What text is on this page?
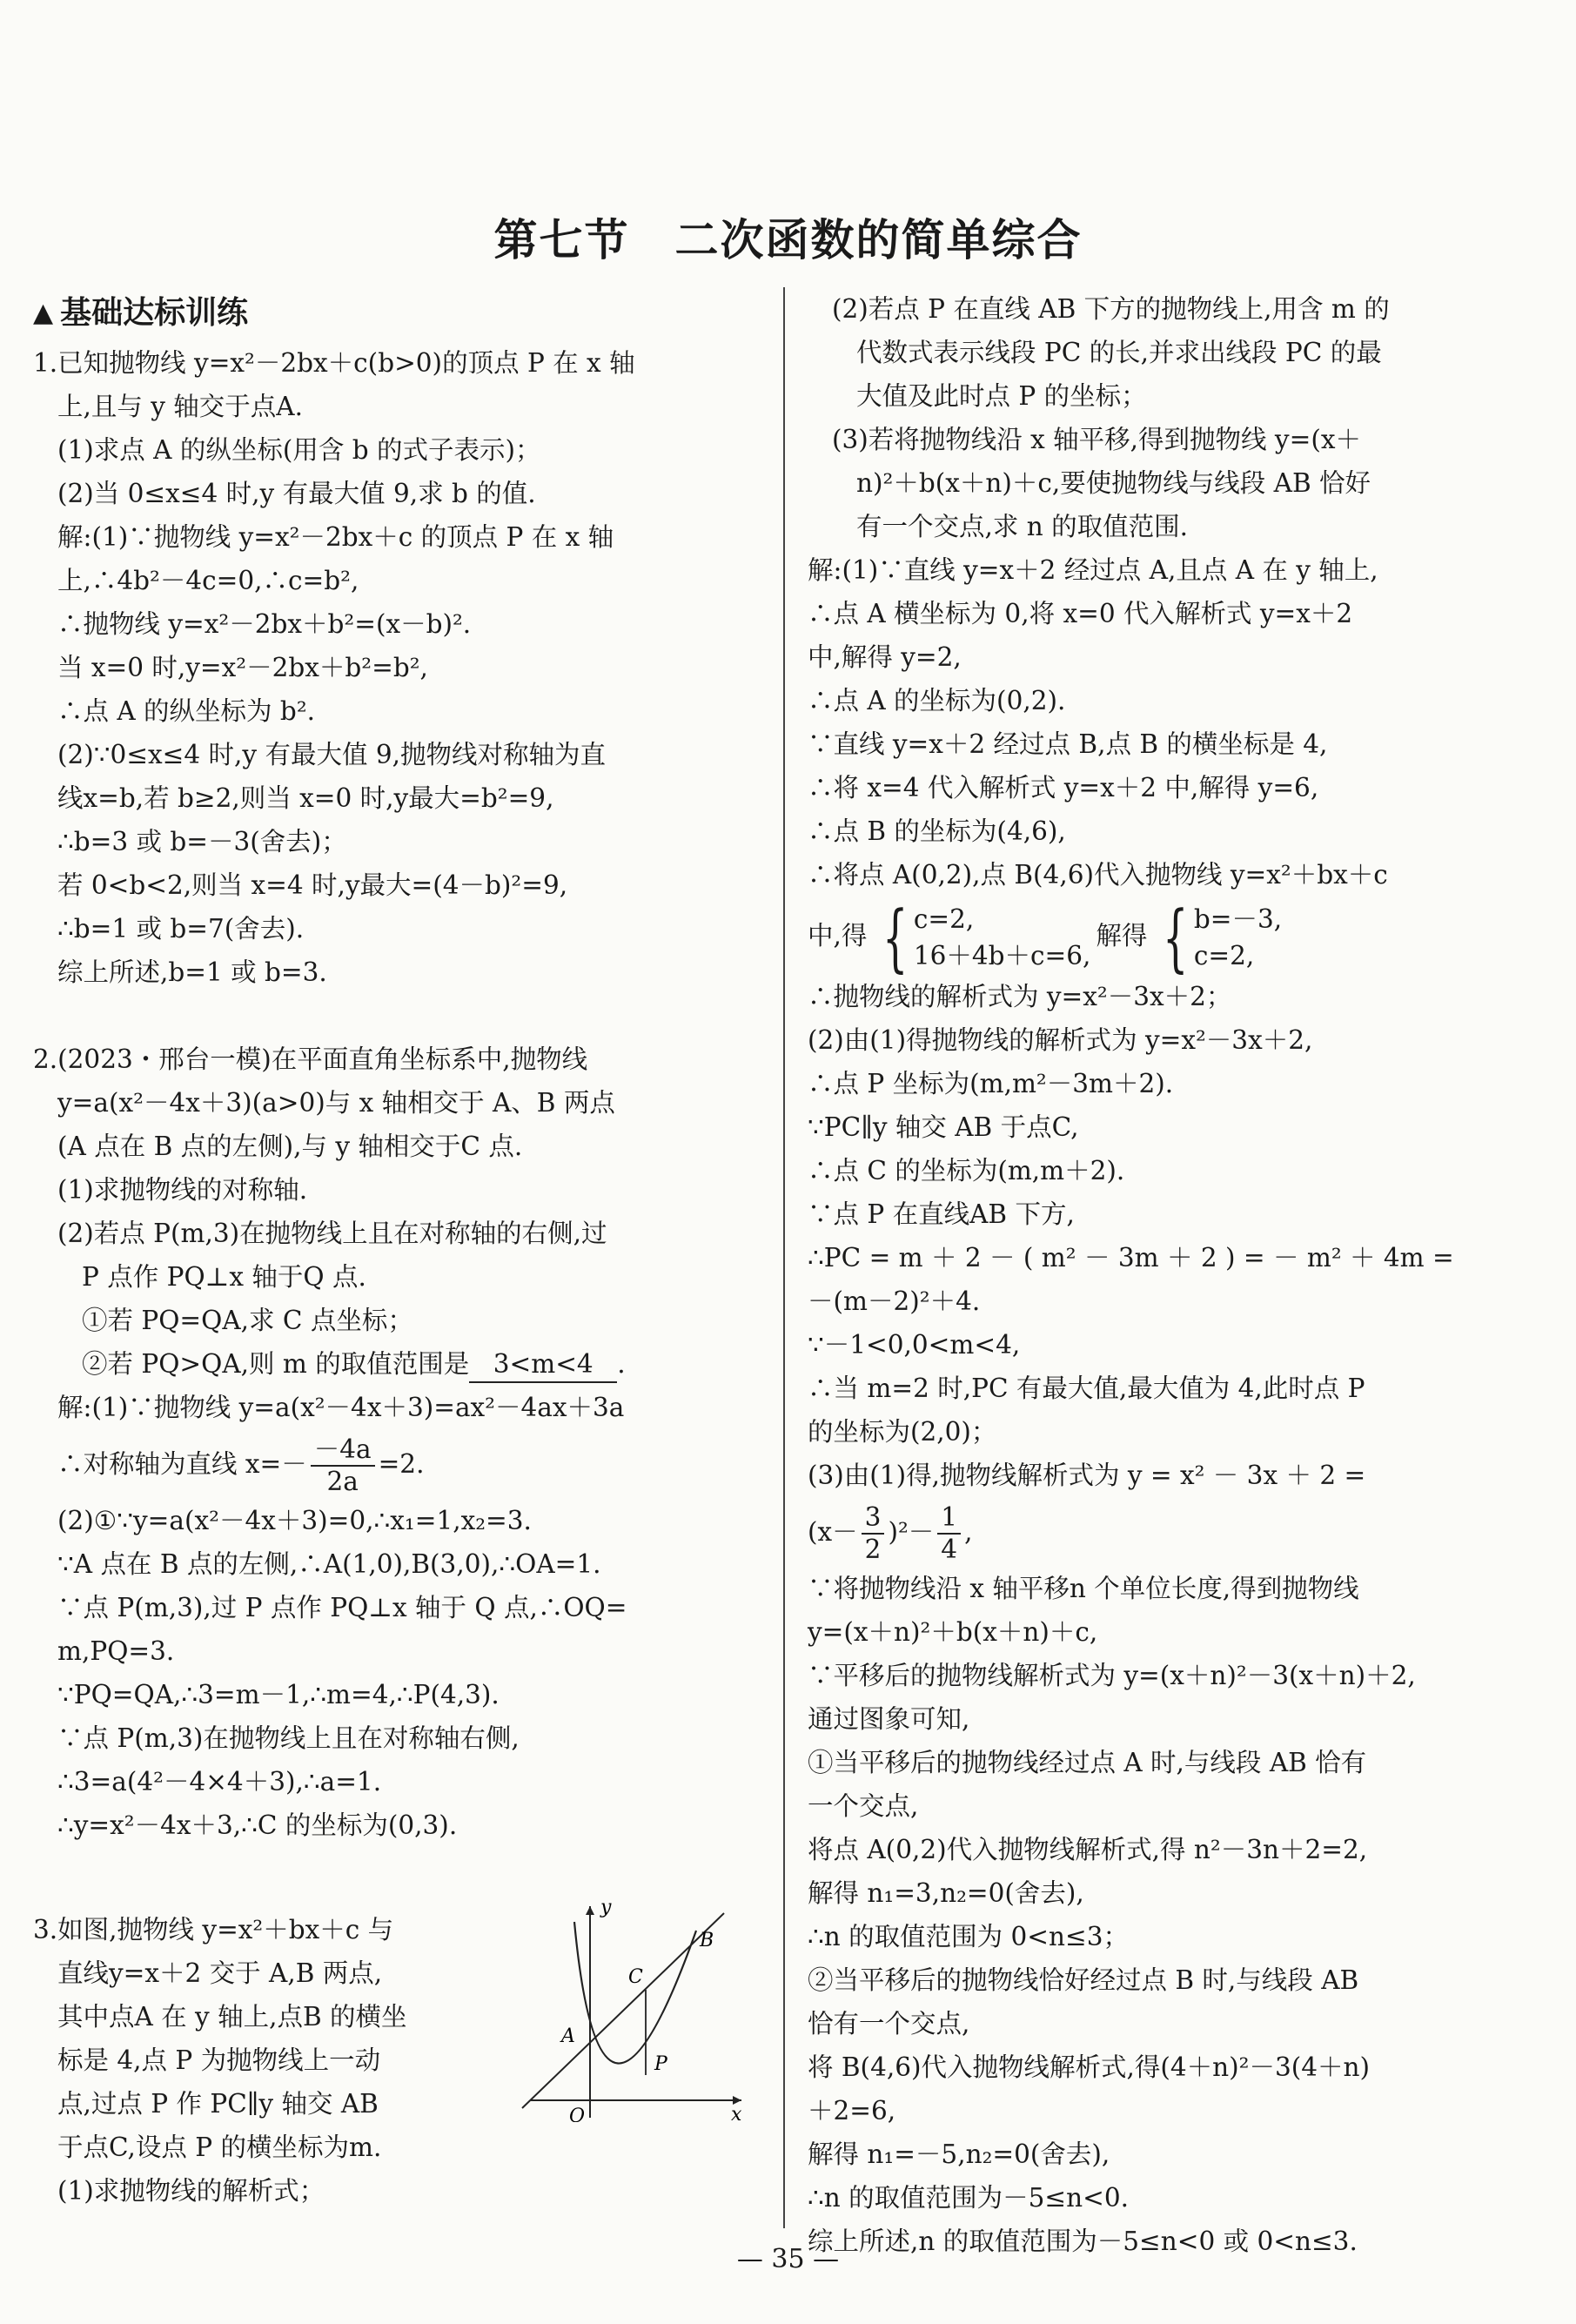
第七节　二次函数的简单综合
▲ 基础达标训练
1.已知抛物线 y=x²－2bx＋c(b>0)的顶点 P 在 x 轴
上,且与 y 轴交于点A.
(1)求点 A 的纵坐标(用含 b 的式子表示)；
(2)当 0≤x≤4 时,y 有最大值 9,求 b 的值.
解:(1)∵抛物线 y=x²－2bx＋c 的顶点 P 在 x 轴
上,∴4b²－4c=0,∴c=b²,
∴抛物线 y=x²－2bx＋b²=(x－b)².
当 x=0 时,y=x²－2bx＋b²=b²,
∴点 A 的纵坐标为 b².
(2)∵0≤x≤4 时,y 有最大值 9,抛物线对称轴为直
线x=b,若 b≥2,则当 x=0 时,y最大=b²=9,
∴b=3 或 b=－3(舍去)；
若 0<b<2,则当 x=4 时,y最大=(4－b)²=9,
∴b=1 或 b=7(舍去).
综上所述,b=1 或 b=3.
2.(2023・邢台一模)在平面直角坐标系中,抛物线
y=a(x²－4x＋3)(a>0)与 x 轴相交于 A、B 两点
(A 点在 B 点的左侧),与 y 轴相交于C 点.
(1)求抛物线的对称轴.
(2)若点 P(m,3)在抛物线上且在对称轴的右侧,过
P 点作 PQ⊥x 轴于Q 点.
①若 PQ=QA,求 C 点坐标；
②若 PQ>QA,则 m 的取值范围是 3<m<4 .
解:(1)∵抛物线 y=a(x²－4x＋3)=ax²－4ax＋3a
∴对称轴为直线 $x=- \frac{-4a}{2a} =2$.
(2)①∵y=a(x²－4x＋3)=0,∴x₁=1,x₂=3.
∵A 点在 B 点的左侧,∴A(1,0),B(3,0),∴OA=1.
∵点 P(m,3),过 P 点作 PQ⊥x 轴于 Q 点,∴OQ=
m,PQ=3.
∵PQ=QA,∴3=m－1,∴m=4,∴P(4,3).
∵点 P(m,3)在抛物线上且在对称轴右侧,
∴3=a(4²－4×4＋3),∴a=1.
∴y=x²－4x＋3,∴C 的坐标为(0,3).
3.如图,抛物线 y=x²＋bx＋c 与
直线y=x＋2 交于 A,B 两点,
其中点A 在 y 轴上,点B 的横坐
标是 4,点 P 为抛物线上一动
点,过点 P 作 PC∥y 轴交 AB
于点C,设点 P 的横坐标为m.
(1)求抛物线的解析式；
y
x
O
A
B
C
P
(2)若点 P 在直线 AB 下方的抛物线上,用含 m 的
代数式表示线段 PC 的长,并求出线段 PC 的最
大值及此时点 P 的坐标；
(3)若将抛物线沿 x 轴平移,得到抛物线 y=(x＋
n)²＋b(x＋n)＋c,要使抛物线与线段 AB 恰好
有一个交点,求 n 的取值范围.
解:(1)∵直线 y=x＋2 经过点 A,且点 A 在 y 轴上,
∴点 A 横坐标为 0,将 x=0 代入解析式 y=x＋2
中,解得 y=2,
∴点 A 的坐标为(0,2).
∵直线 y=x＋2 经过点 B,点 B 的横坐标是 4,
∴将 x=4 代入解析式 y=x＋2 中,解得 y=6,
∴点 B 的坐标为(4,6),
∴将点 A(0,2),点 B(4,6)代入抛物线 y=x²＋bx＋c
中,得 { c=2,
16＋4b＋c=6,
解得 { b=－3,
c=2,
∴抛物线的解析式为 y=x²－3x＋2；
(2)由(1)得抛物线的解析式为 y=x²－3x＋2,
∴点 P 坐标为(m,m²－3m＋2).
∵PC∥y 轴交 AB 于点C,
∴点 C 的坐标为(m,m＋2).
∵点 P 在直线AB 下方,
∴PC = m ＋ 2 － ( m² － 3m ＋ 2 ) = － m² ＋ 4m =
－(m－2)²＋4.
∵－1<0,0<m<4,
∴当 m=2 时,PC 有最大值,最大值为 4,此时点 P
的坐标为(2,0)；
(3)由(1)得,抛物线解析式为 y = x² － 3x ＋ 2 =
$(x- \frac{3}{2} )^2- \frac{1}{4}$ ,
∵将抛物线沿 x 轴平移n 个单位长度,得到抛物线
y=(x＋n)²＋b(x＋n)＋c,
∵平移后的抛物线解析式为 y=(x＋n)²－3(x＋n)＋2,
通过图象可知,
①当平移后的抛物线经过点 A 时,与线段 AB 恰有
一个交点,
将点 A(0,2)代入抛物线解析式,得 n²－3n＋2=2,
解得 n₁=3,n₂=0(舍去),
∴n 的取值范围为 0<n≤3；
②当平移后的抛物线恰好经过点 B 时,与线段 AB
恰有一个交点,
将 B(4,6)代入抛物线解析式,得(4＋n)²－3(4＋n)
＋2=6,
解得 n₁=－5,n₂=0(舍去),
∴n 的取值范围为－5≤n<0.
综上所述,n 的取值范围为－5≤n<0 或 0<n≤3.
— 35 —
